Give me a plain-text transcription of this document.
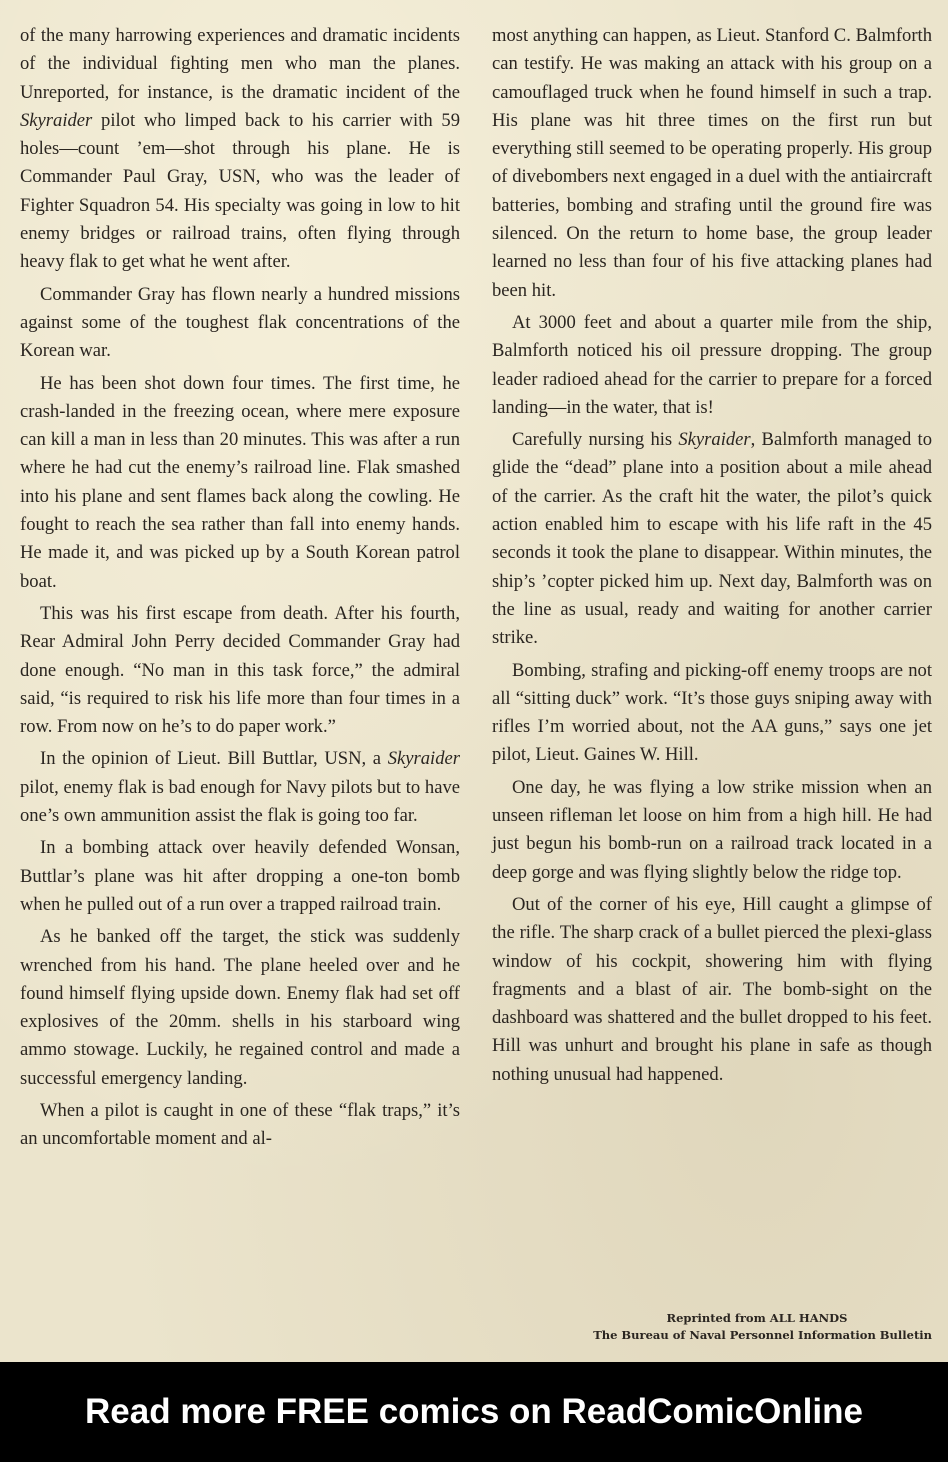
of the many harrowing experiences and dramatic incidents of the individual fighting men who man the planes. Unreported, for instance, is the dramatic incident of the Skyraider pilot who limped back to his carrier with 59 holes—count ’em—shot through his plane. He is Commander Paul Gray, USN, who was the leader of Fighter Squadron 54. His specialty was going in low to hit enemy bridges or railroad trains, often flying through heavy flak to get what he went after.

Commander Gray has flown nearly a hundred missions against some of the toughest flak concentrations of the Korean war.

He has been shot down four times. The first time, he crash-landed in the freezing ocean, where mere exposure can kill a man in less than 20 minutes. This was after a run where he had cut the enemy’s railroad line. Flak smashed into his plane and sent flames back along the cowling. He fought to reach the sea rather than fall into enemy hands. He made it, and was picked up by a South Korean patrol boat.

This was his first escape from death. After his fourth, Rear Admiral John Perry decided Commander Gray had done enough. “No man in this task force,” the admiral said, “is required to risk his life more than four times in a row. From now on he’s to do paper work.”

In the opinion of Lieut. Bill Buttlar, USN, a Skyraider pilot, enemy flak is bad enough for Navy pilots but to have one’s own ammunition assist the flak is going too far.

In a bombing attack over heavily defended Wonsan, Buttlar’s plane was hit after dropping a one-ton bomb when he pulled out of a run over a trapped railroad train.

As he banked off the target, the stick was suddenly wrenched from his hand. The plane heeled over and he found himself flying upside down. Enemy flak had set off explosives of the 20mm. shells in his starboard wing ammo stowage. Luckily, he regained control and made a successful emergency landing.

When a pilot is caught in one of these “flak traps,” it’s an uncomfortable moment and al-

most anything can happen, as Lieut. Stanford C. Balmforth can testify. He was making an attack with his group on a camouflaged truck when he found himself in such a trap. His plane was hit three times on the first run but everything still seemed to be operating properly. His group of divebombers next engaged in a duel with the antiaircraft batteries, bombing and strafing until the ground fire was silenced. On the return to home base, the group leader learned no less than four of his five attacking planes had been hit.

At 3000 feet and about a quarter mile from the ship, Balmforth noticed his oil pressure dropping. The group leader radioed ahead for the carrier to prepare for a forced landing—in the water, that is!

Carefully nursing his Skyraider, Balmforth managed to glide the “dead” plane into a position about a mile ahead of the carrier. As the craft hit the water, the pilot’s quick action enabled him to escape with his life raft in the 45 seconds it took the plane to disappear. Within minutes, the ship’s ’copter picked him up. Next day, Balmforth was on the line as usual, ready and waiting for another carrier strike.

Bombing, strafing and picking-off enemy troops are not all “sitting duck” work. “It’s those guys sniping away with rifles I’m worried about, not the AA guns,” says one jet pilot, Lieut. Gaines W. Hill.

One day, he was flying a low strike mission when an unseen rifleman let loose on him from a high hill. He had just begun his bomb-run on a railroad track located in a deep gorge and was flying slightly below the ridge top.

Out of the corner of his eye, Hill caught a glimpse of the rifle. The sharp crack of a bullet pierced the plexi-glass window of his cockpit, showering him with flying fragments and a blast of air. The bomb-sight on the dashboard was shattered and the bullet dropped to his feet. Hill was unhurt and brought his plane in safe as though nothing unusual had happened.

Reprinted from ALL HANDS
The Bureau of Naval Personnel Information Bulletin
Read more FREE comics on ReadComicOnline
